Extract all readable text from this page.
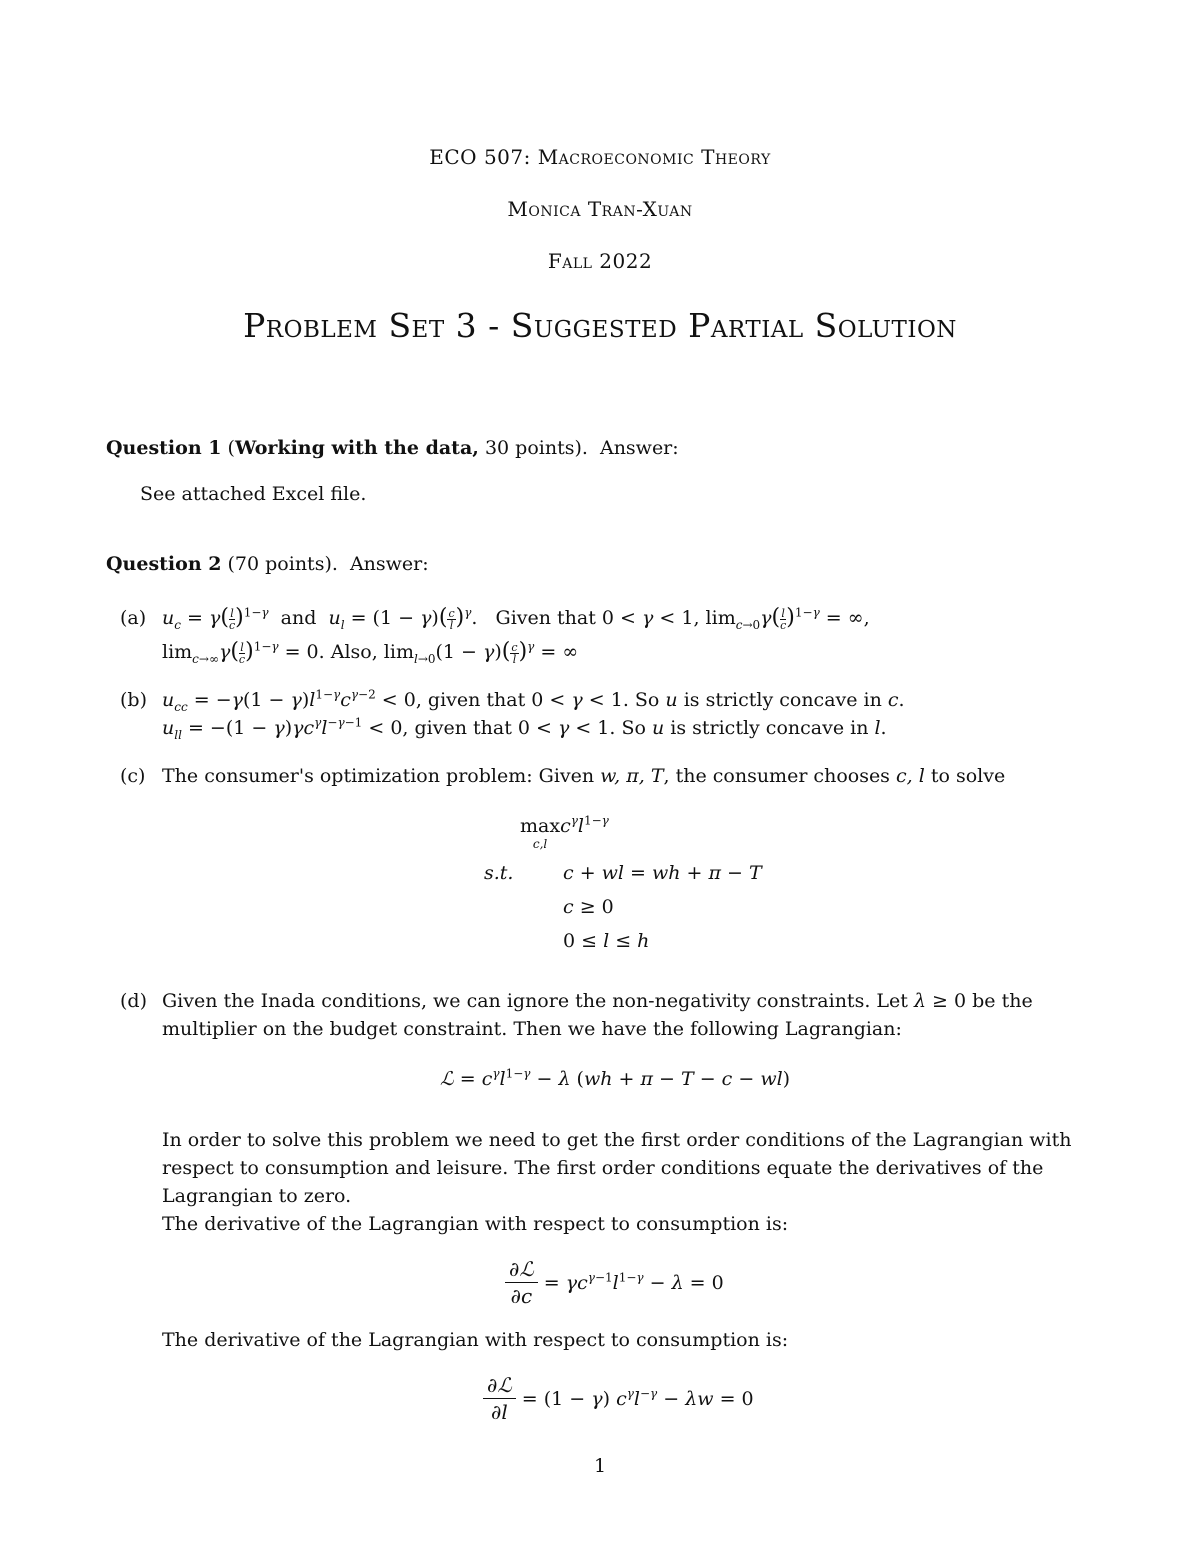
ECO 507: Macroeconomic Theory
Monica Tran-Xuan
Fall 2022
Problem Set 3 - Suggested Partial Solution
Question 1 (Working with the data, 30 points). Answer:
See attached Excel file.
Question 2 (70 points). Answer:
(a) $u_c = \gamma( \frac{l}{c} )^{1-\gamma}$  and  $u_l = (1 - \gamma)( \frac{c}{l} )^\gamma$.   Given that 0 < γ < 1, $\lim_{c\to 0}\gamma( \frac{l}{c} )^{1-\gamma}$ = ∞,
$\lim_{c\to\infty}\gamma( \frac{l}{c} )^{1-\gamma} = 0$. Also, $\lim_{l\to 0}(1 - \gamma)( \frac{c}{l} )^\gamma$ = ∞
(b) $u_{cc} = -\gamma(1 - \gamma)l^{1-\gamma}c^{\gamma-2} < 0$, given that 0 < γ < 1. So u is strictly concave in c.
$u_{ll} = -(1 - \gamma)\gamma c^\gamma l^{-\gamma-1} < 0$, given that 0 < γ < 1. So u is strictly concave in l.
(c) The consumer's optimization problem: Given w, π, T, the consumer chooses c, l to solve
max
$^{c,l}c^\gamma l^{1-\gamma}$
s.t.	c + wl = wh + π − T
c ≥ 0
0 ≤ l ≤ h
(d) Given the Inada conditions, we can ignore the non-negativity constraints. Let λ ≥ 0 be the
multiplier on the budget constraint. Then we have the following Lagrangian:
ℒ = $c^\gamma l^{1-\gamma} - \lambda$ (wh + π − T − c − wl)
In order to solve this problem we need to get the first order conditions of the Lagrangian with
respect to consumption and leisure. The first order conditions equate the derivatives of the
Lagrangian to zero.
The derivative of the Lagrangian with respect to consumption is:
$\frac{\text{∂ℒ}}{\partial c} = \gamma c^{\gamma-1}l^{1-\gamma} - \lambda = 0$
The derivative of the Lagrangian with respect to consumption is:
$\frac{\text{∂ℒ}}{\partial l} = (1 - \gamma) c^\gamma l^{-\gamma} - \lambda w = 0$
1
